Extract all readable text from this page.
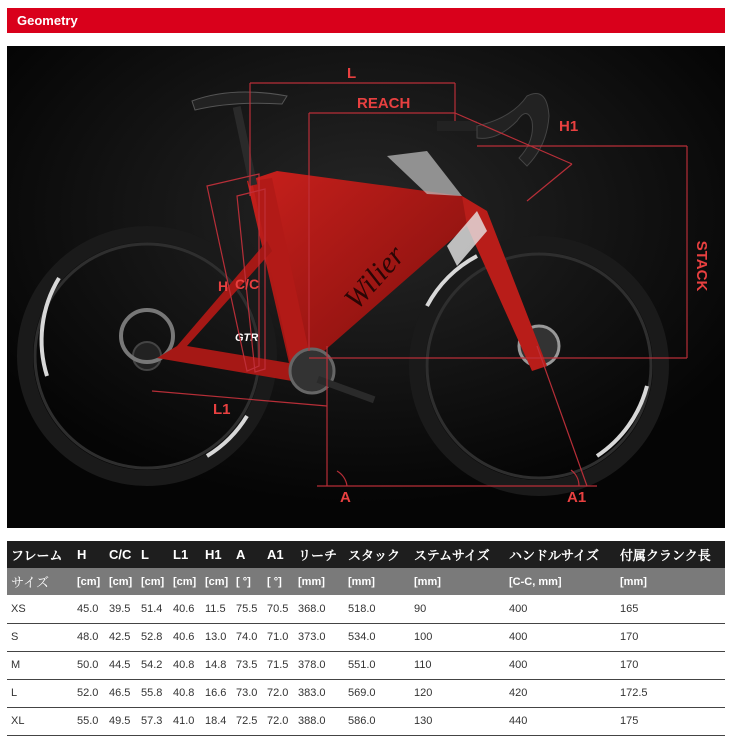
Geometry
Wilier
GTR
L
REACH
H1
STACK
H C/C
L1
A	A1
フレーム	H	C/C	L	L1	H1	A	A1	リーチ	スタック	ステムサイズ	ハンドルサイズ	付属クランク長
サイズ	[cm]	[cm]	[cm]	[cm]	[cm]	[ °]	[ °]	[mm]	[mm]	[mm]	[C-C, mm]	[mm]
XS	45.0	39.5	51.4	40.6	11.5	75.5	70.5	368.0	518.0	90	400	165
S	48.0	42.5	52.8	40.6	13.0	74.0	71.0	373.0	534.0	100	400	170
M	50.0	44.5	54.2	40.8	14.8	73.5	71.5	378.0	551.0	110	400	170
L	52.0	46.5	55.8	40.8	16.6	73.0	72.0	383.0	569.0	120	420	172.5
XL	55.0	49.5	57.3	41.0	18.4	72.5	72.0	388.0	586.0	130	440	175
